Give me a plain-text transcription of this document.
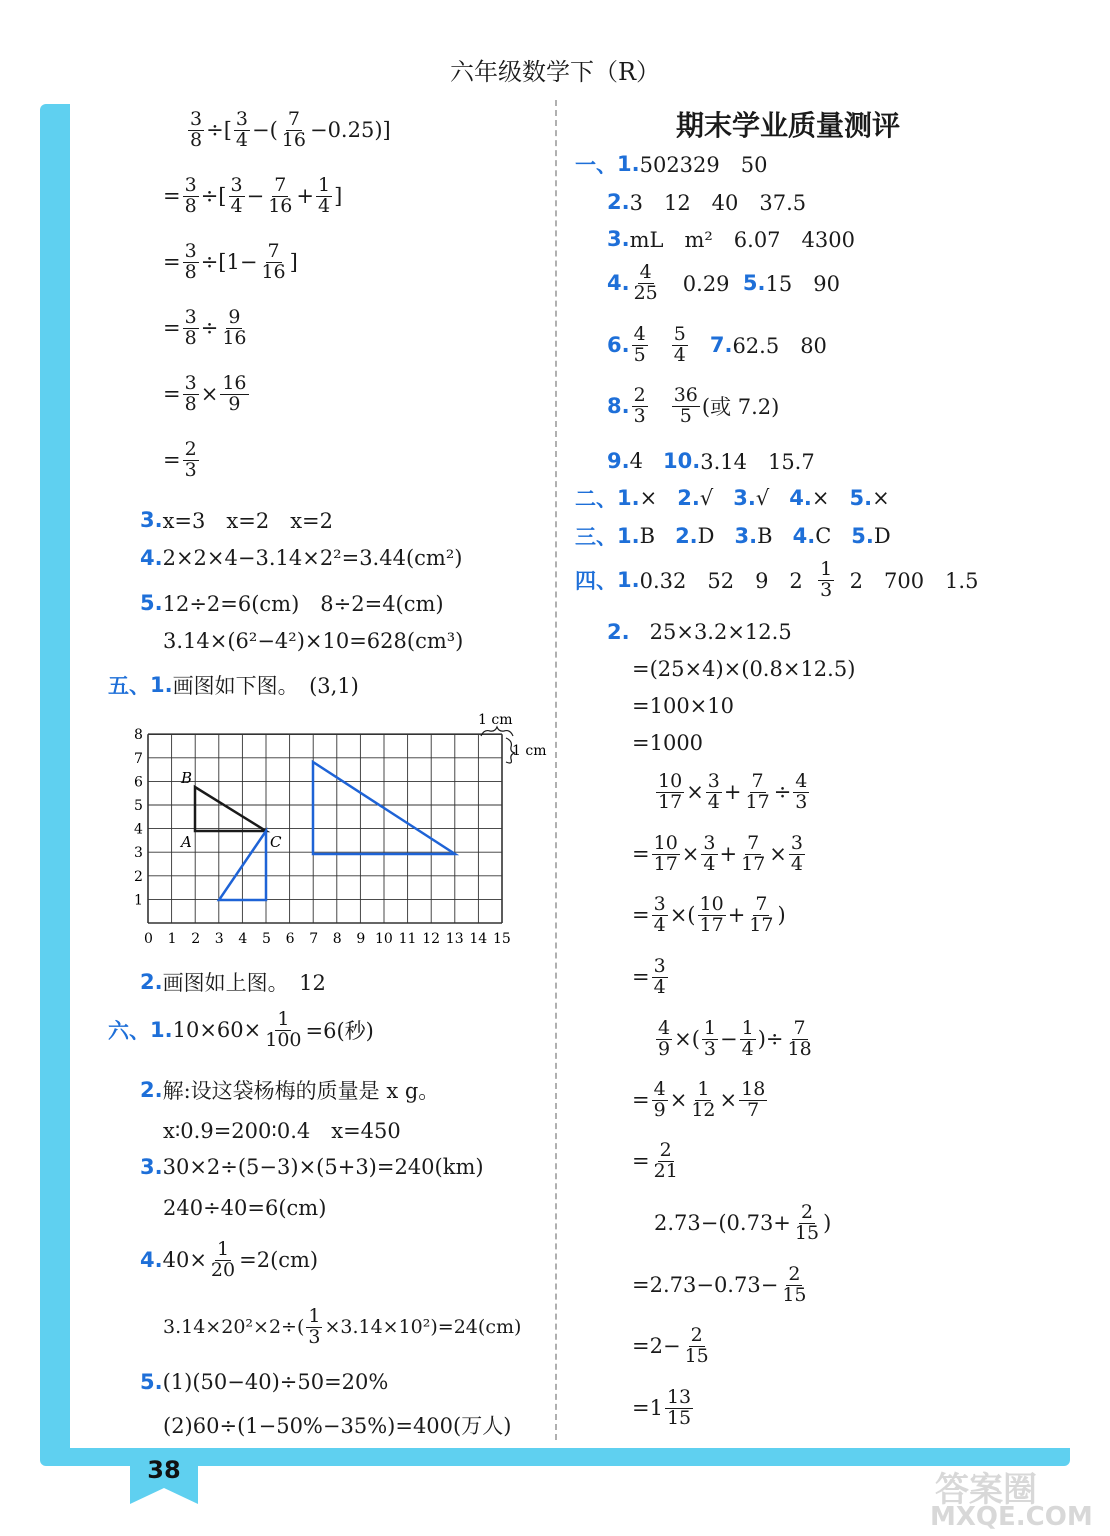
六年级数学下（R）
$\frac{3}{8}$ ÷[ $\frac{3}{4}$ −( $\frac{7}{16} -0.25$)]
= $\frac{3}{8}$ ÷[ $\frac{3}{4} - \frac{7}{16} + \frac{1}{4}$ ]
= $\frac{3}{8} \div[1- \frac{7}{16}$ ]
= $\frac{3}{8} \div \frac{9}{16}$
= $\frac{3}{8} \times \frac{16}{9}$
= $\frac{2}{3}$
3. x=3　x=2　x=2
4. 2×2×4−3.14×2²=3.44(cm²)
5. 12÷2=6(cm)　8÷2=4(cm)
3.14×(6²−4²)×10=628(cm³)
五、 1. 画图如下图。　(3,1)
0 1 2 3 4 5 6 7 8 9 10 11 12 13 14 15
1
2
3
4
5
6
7
8
B
A	C
1 cm
1 cm
2. 画图如上图。　12
六、 1. $10\times 60\times \frac{1}{100} =6$(秒)
2. 解:设这袋杨梅的质量是 x g。
x∶0.9=200∶0.4　x=450
3. 30×2÷(5−3)×(5+3)=240(km)
240÷40=6(cm)
4. $40\times \frac{1}{20} =2(cm)$
$3.14\times 20^2\times 2\div( \frac{1}{3} \times 3.14\times 10^2)=24(cm)$
5. (1)(50−40)÷50=20%
(2)60÷(1−50%−35%)=400(万人)
期末学业质量测评
一、 1. 502329　50
2. 3　12　40　37.5
3. mL　m²　6.07　4300
4. $\frac{4}{25}$ 　0.29
5. 15　90
6. $\frac{4}{5}$
$\frac{5}{4}$
7. 62.5　80
8. $\frac{2}{3}$
$\frac{36}{5}$ (或 7.2)
9. 4
10. 3.14　15.7
二、 1. ×
2. √
3. √
4. ×
5. ×
三、 1. B
2. D
3. B
4. C
5. D
四、 1. 0.32　52　9　2
$\frac{1}{3}$
2　700　1.5
2.
25×3.2×12.5
=(25×4)×(0.8×12.5)
=100×10
=1000
$\frac{10}{17} \times \frac{3}{4} + \frac{7}{17} \div \frac{4}{3}$
= $\frac{10}{17} \times \frac{3}{4} + \frac{7}{17} \times \frac{3}{4}$
= $\frac{3}{4}$ ×( $\frac{10}{17} + \frac{7}{17}$ )
= $\frac{3}{4}$
$\frac{4}{9}$ ×( $\frac{1}{3} - \frac{1}{4}$ )÷ $\frac{7}{18}$
= $\frac{4}{9} \times \frac{1}{12} \times \frac{18}{7}$
= $\frac{2}{21}$
$2.73-(0.73+ \frac{2}{15}$ )
$=2.73-0.73- \frac{2}{15}$
$=2- \frac{2}{15}$
$=1 \frac{13}{15}$
38	答案圈
MXQE.COM
